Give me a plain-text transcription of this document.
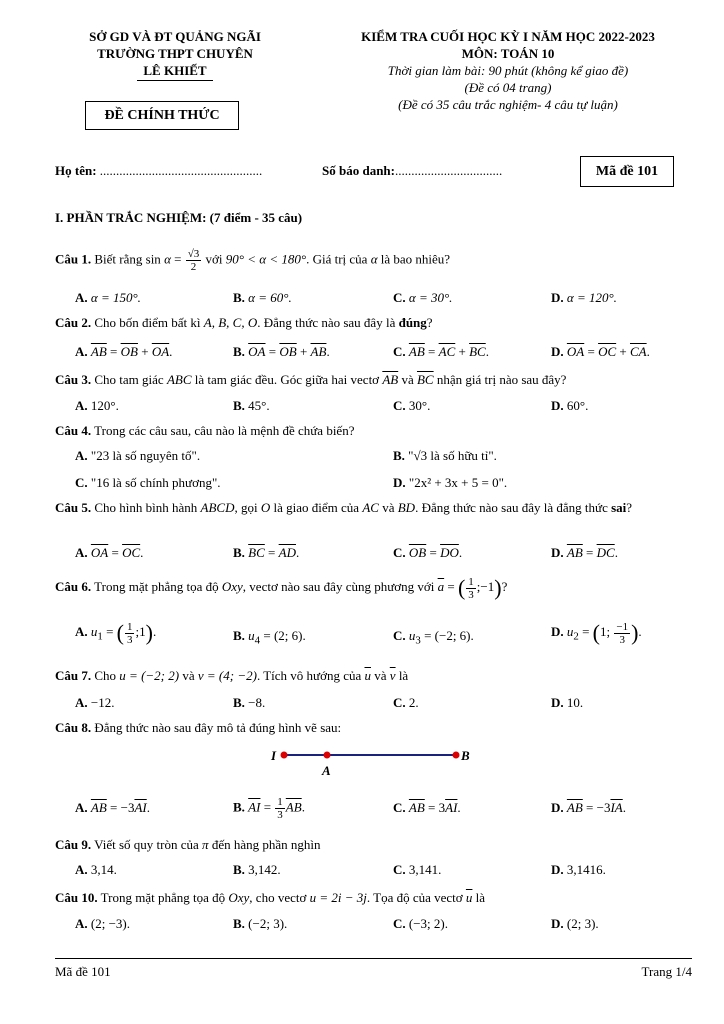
SỞ GD VÀ ĐT QUẢNG NGÃI
TRƯỜNG THPT CHUYÊN
LÊ KHIẾT
KIỂM TRA CUỐI HỌC KỲ I NĂM HỌC 2022-2023
MÔN: TOÁN 10
Thời gian làm bài: 90 phút (không kể giao đề)
(Đề có 04 trang)
(Đề có 35 câu trắc nghiệm- 4 câu tự luận)
ĐỀ CHÍNH THỨC
Họ tên: ..................................................	Số báo danh:.................................	Mã đề 101
I. PHẦN TRẮC NGHIỆM: (7 điểm - 35 câu)
Câu 1. Biết rằng $\sin \alpha = \frac{√3}{2}$ với 90° < α < 180°. Giá trị của α là bao nhiêu?
A. α = 150°.	B. α = 60°.	C. α = 30°.	D. α = 120°.
Câu 2. Cho bốn điểm bất kì A, B, C, O. Đẳng thức nào sau đây là đúng?
A. $\overline{AB} = \overline{OB} + \overline{OA}$.	B. $\overline{OA} = \overline{OB} + \overline{AB}$.	C. $\overline{AB} = \overline{AC} + \overline{BC}$.	D. $\overline{OA} = \overline{OC} + \overline{CA}$.
Câu 3. Cho tam giác ABC là tam giác đều. Góc giữa hai vectơ $\overline{AB}$ và $\overline{BC}$ nhận giá trị nào sau đây?
A. 120°.	B. 45°.	C. 30°.	D. 60°.
Câu 4. Trong các câu sau, câu nào là mệnh đề chứa biến?
A. "23 là số nguyên tố".	B. "√3 là số hữu tỉ".
C. "16 là số chính phương".	D. "2x² + 3x + 5 = 0".
Câu 5. Cho hình bình hành ABCD, gọi O là giao điểm của AC và BD. Đẳng thức nào sau đây là đẳng thức sai?
A. $\overline{OA} = \overline{OC}$.	B. $\overline{BC} = \overline{AD}$.	C. $\overline{OB} = \overline{DO}$.	D. $\overline{AB} = \overline{DC}$.
Câu 6. Trong mặt phẳng tọa độ Oxy, vectơ nào sau đây cùng phương với $\overline{a}$ = ( $\frac{1}{3}$ ;−1)?
A. $u_1$ = ( $\frac{1}{3}$ ;1).	B. $u_4 = (2$; 6).	C. $u_3 = (-2$; 6).	D. $u_2 = (1$; $\frac{-1}{3}$ ).
Câu 7. Cho u = (−2; 2) và v = (4; −2). Tích vô hướng của $\overline{u}$ và $\overline{v}$ là
A. −12.	B. −8.	C. 2.	D. 10.
Câu 8. Đẳng thức nào sau đây mô tả đúng hình vẽ sau:
I
A
B
A. $\overline{AB} = -3\overline{AI}$.	B. $\overline{AI} = \frac{1}{3} \overline{AB}$.	C. $\overline{AB} = 3\overline{AI}$.	D. $\overline{AB} = -3\overline{IA}$.
Câu 9. Viết số quy tròn của π đến hàng phần nghìn
A. 3,14.	B. 3,142.	C. 3,141.	D. 3,1416.
Câu 10. Trong mặt phẳng tọa độ Oxy, cho vectơ u = 2i − 3j. Tọa độ của vectơ $\overline{u}$ là
A. (2; −3).	B. (−2; 3).	C. (−3; 2).	D. (2; 3).
Mã đề 101	Trang 1/4
